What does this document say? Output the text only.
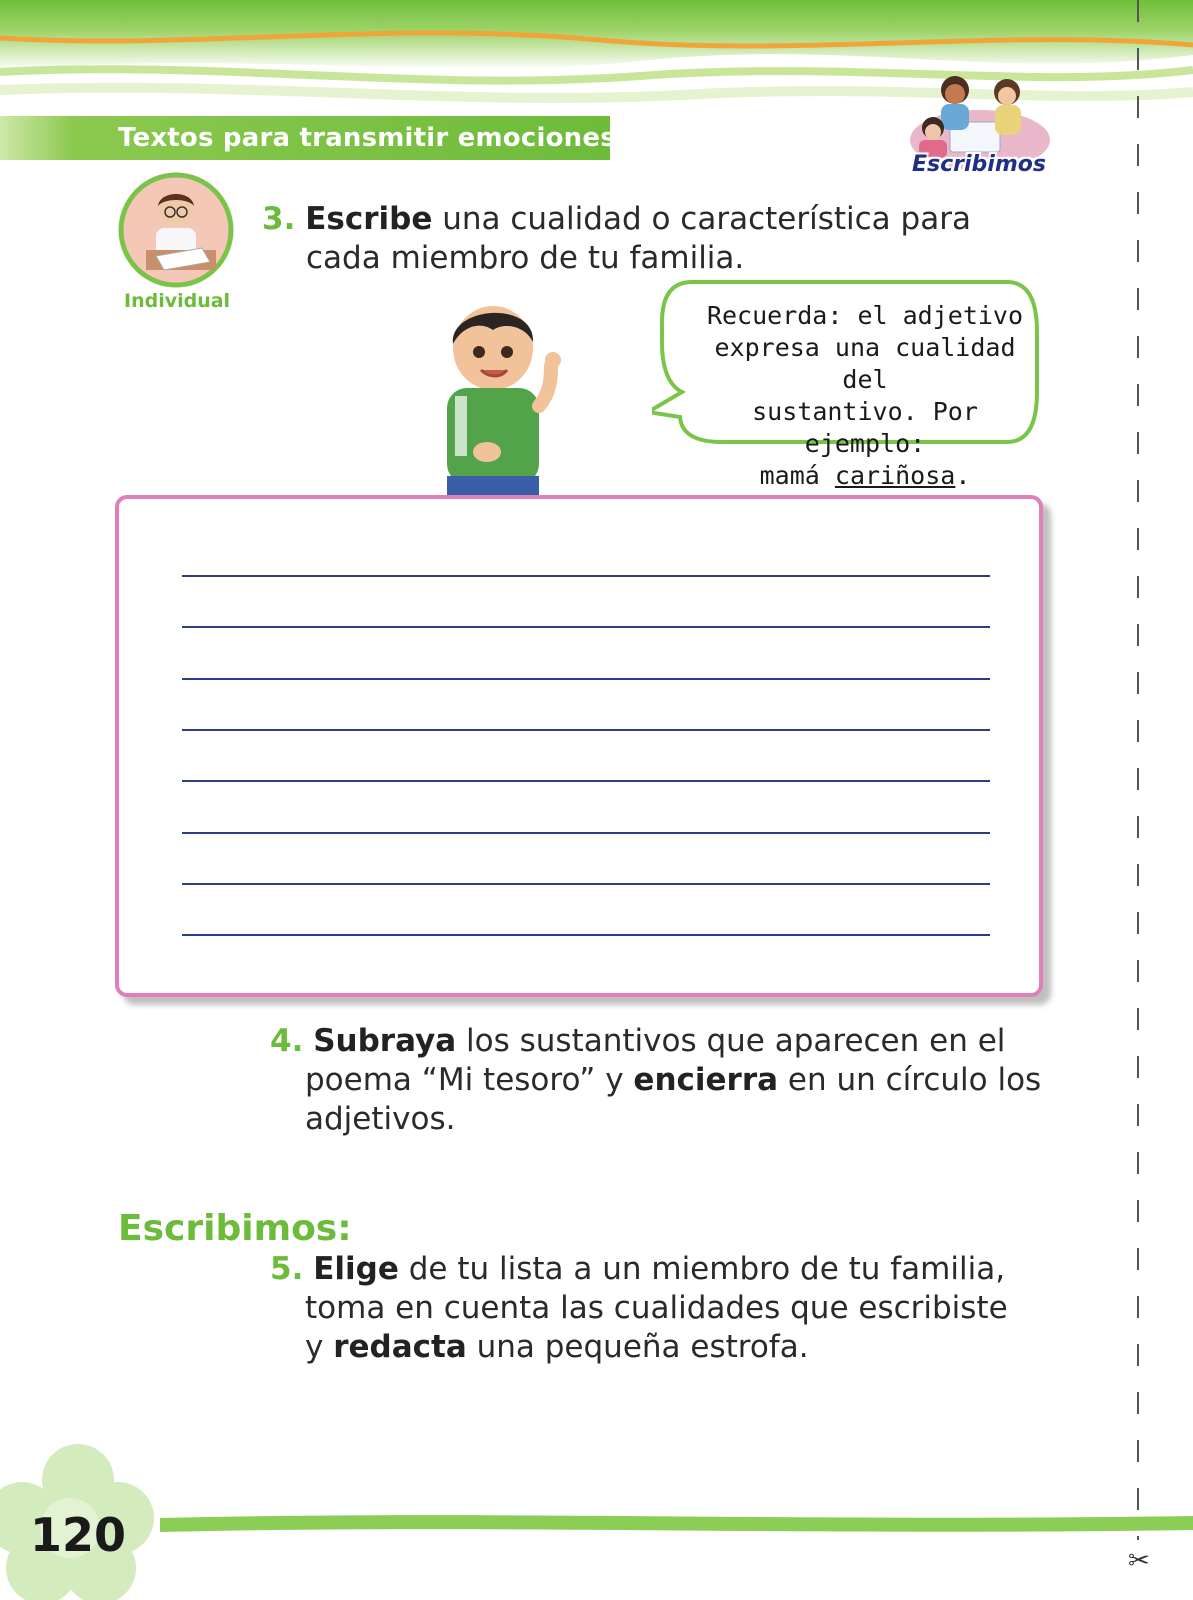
Textos para transmitir emociones
Escribimos
Individual
3. Escribe una cualidad o característica para
cada miembro de tu familia.
Recuerda: el adjetivo
expresa una cualidad del
sustantivo. Por ejemplo:
mamá cariñosa.
4. Subraya los sustantivos que aparecen en el
poema “Mi tesoro” y encierra en un círculo los
adjetivos.
Escribimos:
5. Elige de tu lista a un miembro de tu familia,
toma en cuenta las cualidades que escribiste
y redacta una pequeña estrofa.
✂
120
